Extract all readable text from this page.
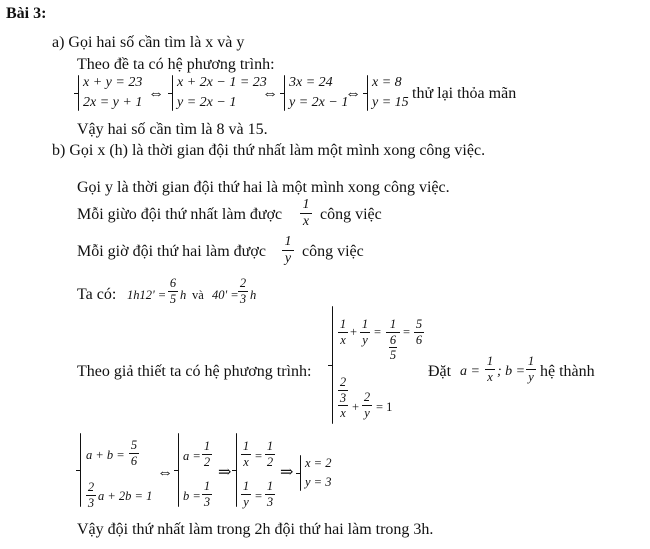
Bài 3:
a) Gọi hai số cần tìm là x và y
Theo đề ta có hệ phương trình:
x + y = 23
2x = y + 1
⇔
x + 2x − 1 = 23
y = 2x − 1
⇔
3x = 24
y = 2x − 1
⇔
x = 8
y = 15
thử lại thỏa mãn
Vậy hai số cần tìm là 8 và 15.
b) Gọi x (h) là thời gian đội thứ nhất làm một mình xong công việc.
Gọi y là thời gian đội thứ hai là một mình xong công việc.
Mỗi giừo đội thứ nhất làm được
1
x công việc
Mỗi giờ đội thứ hai làm được
1
y công việc
Ta có: 1h12' =
6
5 h và 40' =
2
3 h
Theo giả thiết ta có hệ phương trình:
1
x
+
1
y
=
1
6
5
=
5
6
2
3
x +
2
y = 1
Đặt a =
1
x ; b =
1
y hệ thành
a + b =
5
6
2
3 a + 2b = 1
⇔
a =
1
2
b =
1
3
⇒
1
x =
1
2
1
y =
1
3
⇒
x = 2
y = 3
Vậy đội thứ nhất làm trong 2h đội thứ hai làm trong 3h.
